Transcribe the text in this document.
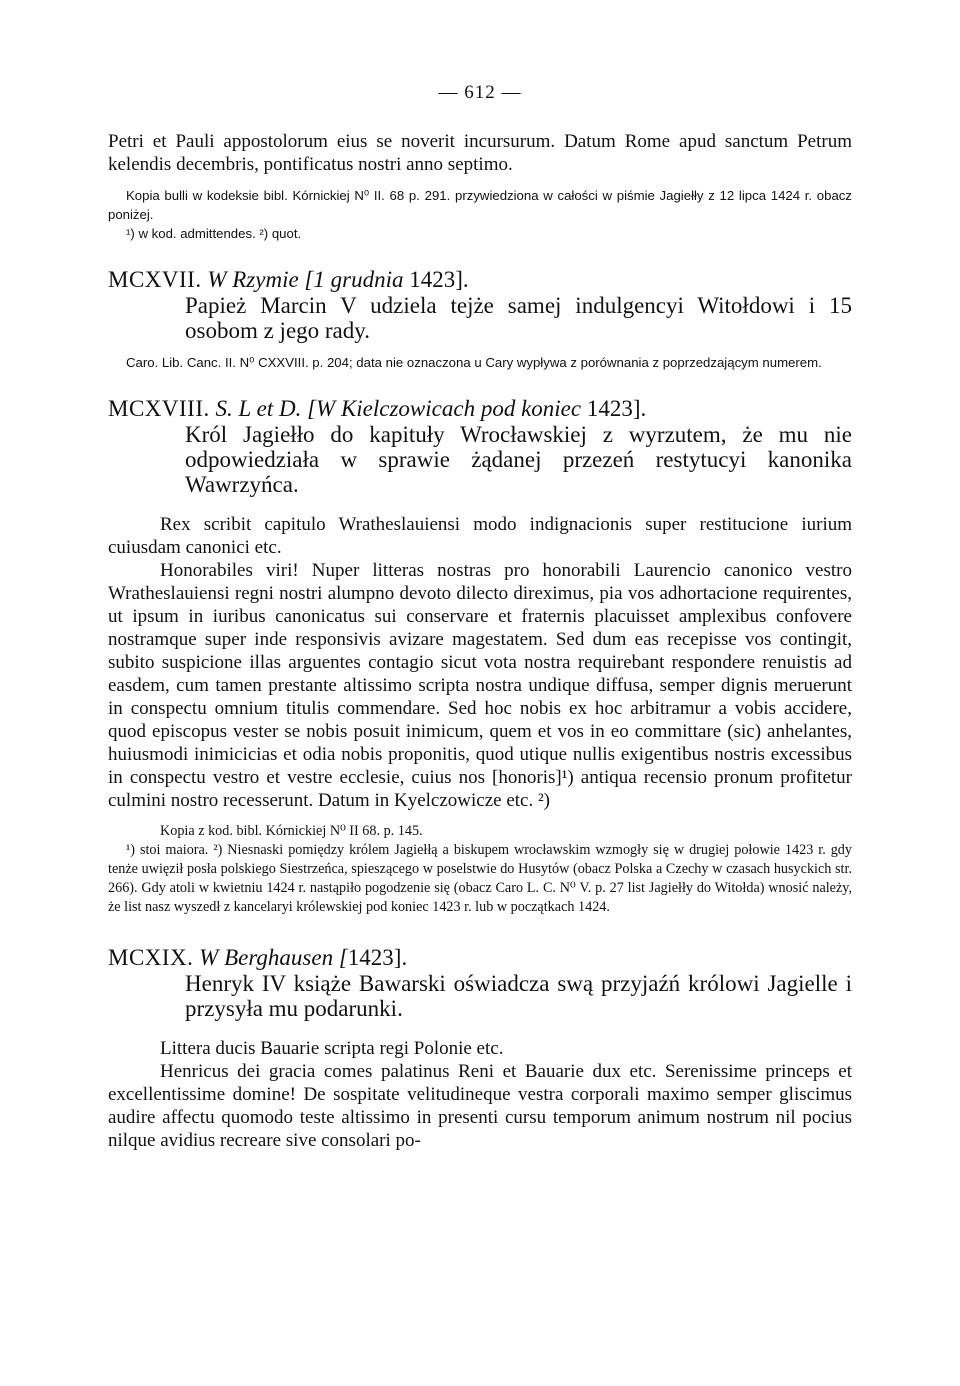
— 612 —

Petri et Pauli appostolorum eius se noverit incursurum. Datum Rome apud sanctum Petrum kelendis decembris, pontificatus nostri anno septimo.

Kopia bulli w kodeksie bibl. Kórnickiej N⁰ II. 68 p. 291. przywiedziona w całości w piśmie Jagiełły z 12 lipca 1424 r. obacz poniżej.

¹) w kod. admittendes. ²) quot.

MCXVII. W Rzymie [1 grudnia 1423].

Papież Marcin V udziela tejże samej indulgencyi Witołdowi i 15 osobom z jego rady.

Caro. Lib. Canc. II. N⁰ CXXVIII. p. 204; data nie oznaczona u Cary wypływa z porównania z poprzedzającym numerem.

MCXVIII. S. L et D. [W Kielczowicach pod koniec 1423].

Król Jagiełło do kapituły Wrocławskiej z wyrzutem, że mu nie odpowiedziała w sprawie żądanej przezeń restytucyi kanonika Wawrzyńca.

Rex scribit capitulo Wratheslauiensi modo indignacionis super restitucione iurium cuiusdam canonici etc.

Honorabiles viri! Nuper litteras nostras pro honorabili Laurencio canonico vestro Wratheslauiensi regni nostri alumpno devoto dilecto direximus, pia vos adhortacione requirentes, ut ipsum in iuribus canonicatus sui conservare et fraternis placuisset amplexibus confovere nostramque super inde responsivis avizare magestatem. Sed dum eas recepisse vos contingit, subito suspicione illas arguentes contagio sicut vota nostra requirebant respondere renuistis ad easdem, cum tamen prestante altissimo scripta nostra undique diffusa, semper dignis meruerunt in conspectu omnium titulis commendare. Sed hoc nobis ex hoc arbitramur a vobis accidere, quod episcopus vester se nobis posuit inimicum, quem et vos in eo committare (sic) anhelantes, huiusmodi inimicicias et odia nobis proponitis, quod utique nullis exigentibus nostris excessibus in conspectu vestro et vestre ecclesie, cuius nos [honoris]¹) antiqua recensio pronum profitetur culmini nostro recesserunt. Datum in Kyelczowicze etc. ²)

Kopia z kod. bibl. Kórnickiej N⁰ II 68. p. 145.

¹) stoi maiora. ²) Niesnaski pomiędzy królem Jagiełłą a biskupem wrocławskim wzmogły się w drugiej połowie 1423 r. gdy tenże uwięził posła polskiego Siestrzeńca, spieszącego w poselstwie do Husytów (obacz Polska a Czechy w czasach husyckich str. 266). Gdy atoli w kwietniu 1424 r. nastąpiło pogodzenie się (obacz Caro L. C. N⁰ V. p. 27 list Jagiełły do Witołda) wnosić należy, że list nasz wyszedł z kancelaryi królewskiej pod koniec 1423 r. lub w początkach 1424.

MCXIX. W Berghausen [1423].

Henryk IV książe Bawarski oświadcza swą przyjaźń królowi Jagielle i przysyła mu podarunki.

Littera ducis Bauarie scripta regi Polonie etc.

Henricus dei gracia comes palatinus Reni et Bauarie dux etc. Serenissime princeps et excellentissime domine! De sospitate velitudineque vestra corporali maximo semper gliscimus audire affectu quomodo teste altissimo in presenti cursu temporum animum nostrum nil pocius nilque avidius recreare sive consolari po-
